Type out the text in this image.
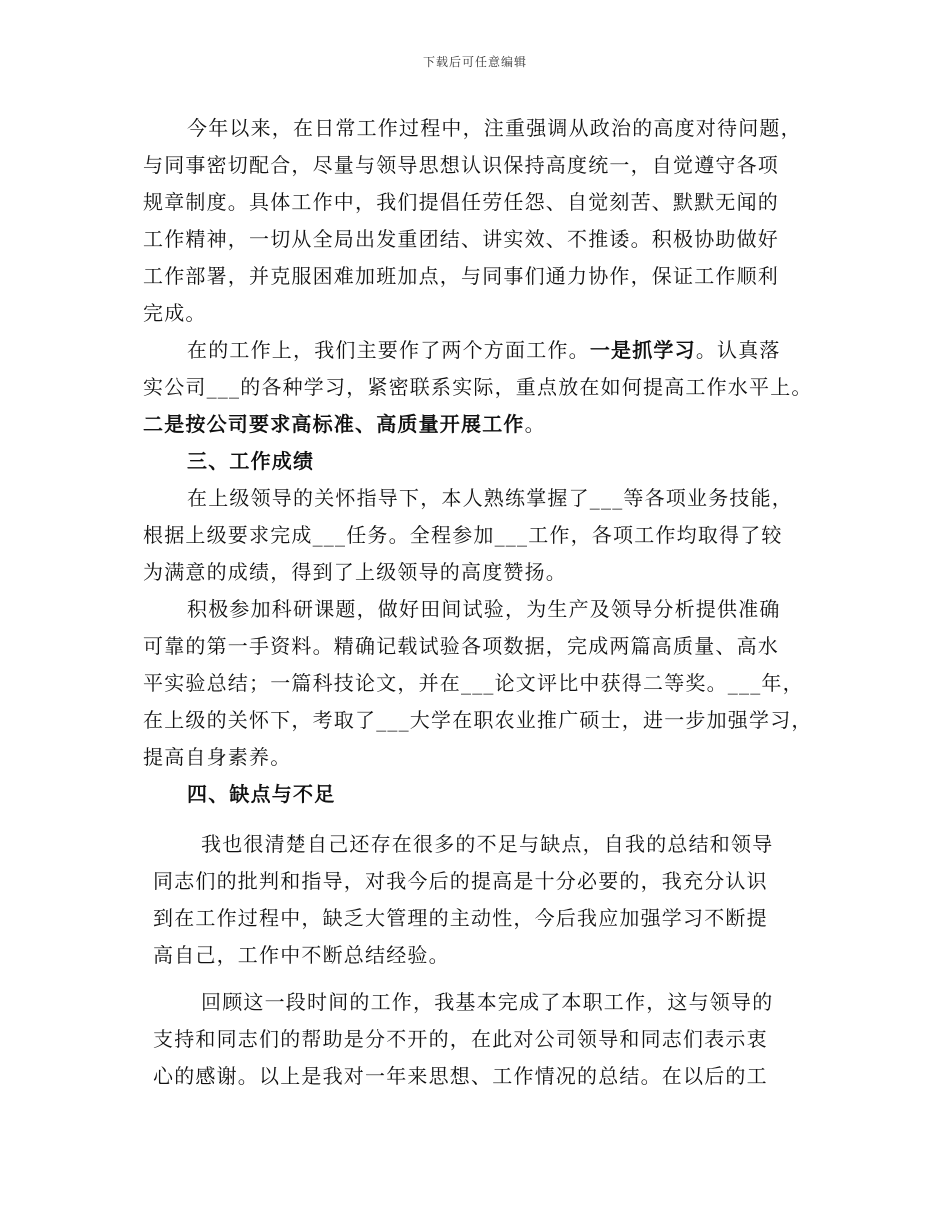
下载后可任意编辑
今年以来，在日常工作过程中，注重强调从政治的高度对待问题，
与同事密切配合，尽量与领导思想认识保持高度统一，自觉遵守各项
规章制度。具体工作中，我们提倡任劳任怨、自觉刻苦、默默无闻的
工作精神，一切从全局出发重团结、讲实效、不推诿。积极协助做好
工作部署，并克服困难加班加点，与同事们通力协作，保证工作顺利
完成。
在的工作上，我们主要作了两个方面工作。一是抓学习。认真落
实公司___的各种学习，紧密联系实际，重点放在如何提高工作水平上。
二是按公司要求高标准、高质量开展工作。
三、工作成绩
在上级领导的关怀指导下，本人熟练掌握了___等各项业务技能，
根据上级要求完成___任务。全程参加___工作，各项工作均取得了较
为满意的成绩，得到了上级领导的高度赞扬。
积极参加科研课题，做好田间试验，为生产及领导分析提供准确
可靠的第一手资料。精确记载试验各项数据，完成两篇高质量、高水
平实验总结；一篇科技论文，并在___论文评比中获得二等奖。___年，
在上级的关怀下，考取了___大学在职农业推广硕士，进一步加强学习，
提高自身素养。
四、缺点与不足
我也很清楚自己还存在很多的不足与缺点，自我的总结和领导
同志们的批判和指导，对我今后的提高是十分必要的，我充分认识
到在工作过程中，缺乏大管理的主动性，今后我应加强学习不断提
高自己，工作中不断总结经验。
回顾这一段时间的工作，我基本完成了本职工作，这与领导的
支持和同志们的帮助是分不开的，在此对公司领导和同志们表示衷
心的感谢。以上是我对一年来思想、工作情况的总结。在以后的工
